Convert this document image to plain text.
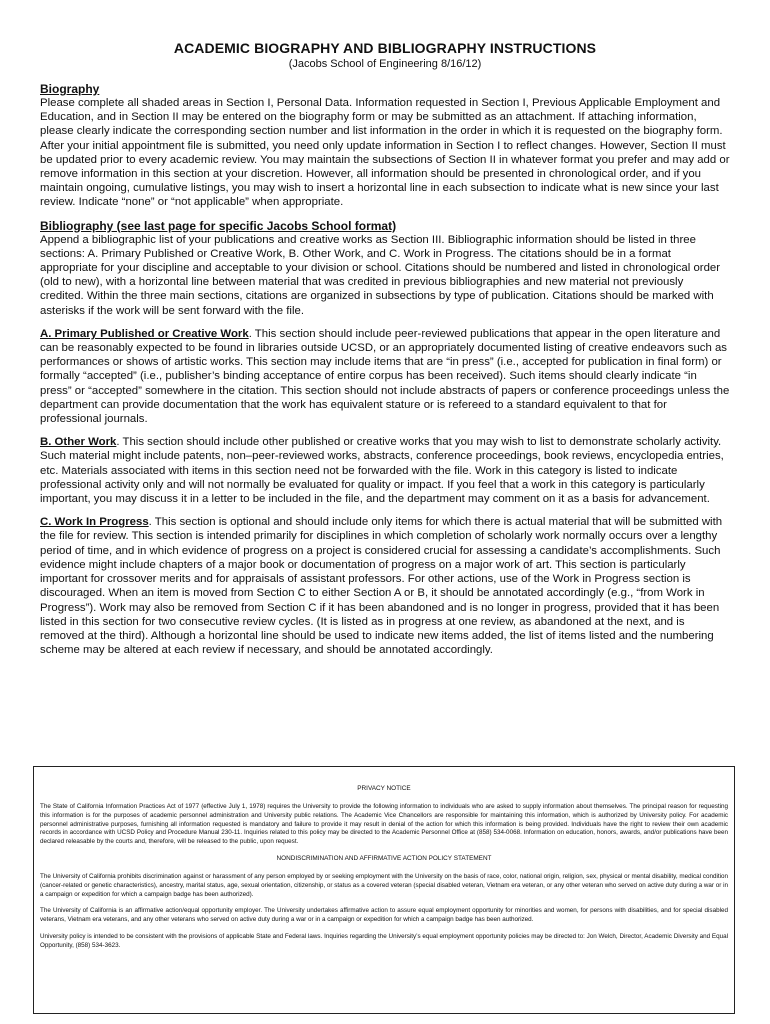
ACADEMIC BIOGRAPHY AND BIBLIOGRAPHY INSTRUCTIONS
(Jacobs School of Engineering 8/16/12)
Biography

Please complete all shaded areas in Section I, Personal Data. Information requested in Section I, Previous Applicable Employment and Education, and in Section II may be entered on the biography form or may be submitted as an attachment. If attaching information, please clearly indicate the corresponding section number and list information in the order in which it is requested on the biography form. After your initial appointment file is submitted, you need only update information in Section I to reflect changes. However, Section II must be updated prior to every academic review. You may maintain the subsections of Section II in whatever format you prefer and may add or remove information in this section at your discretion. However, all information should be presented in chronological order, and if you maintain ongoing, cumulative listings, you may wish to insert a horizontal line in each subsection to indicate what is new since your last review. Indicate “none” or “not applicable” when appropriate.

Bibliography (see last page for specific Jacobs School format)

Append a bibliographic list of your publications and creative works as Section III. Bibliographic information should be listed in three sections: A. Primary Published or Creative Work, B. Other Work, and C. Work in Progress. The citations should be in a format appropriate for your discipline and acceptable to your division or school. Citations should be numbered and listed in chronological order (old to new), with a horizontal line between material that was credited in previous bibliographies and new material not previously credited. Within the three main sections, citations are organized in subsections by type of publication. Citations should be marked with asterisks if the work will be sent forward with the file.

A. Primary Published or Creative Work. This section should include peer-reviewed publications that appear in the open literature and can be reasonably expected to be found in libraries outside UCSD, or an appropriately documented listing of creative endeavors such as performances or shows of artistic works. This section may include items that are “in press” (i.e., accepted for publication in final form) or formally “accepted” (i.e., publisher’s binding acceptance of entire corpus has been received). Such items should clearly indicate “in press” or “accepted” somewhere in the citation. This section should not include abstracts of papers or conference proceedings unless the department can provide documentation that the work has equivalent stature or is refereed to a standard equivalent to that for professional journals.

B. Other Work. This section should include other published or creative works that you may wish to list to demonstrate scholarly activity. Such material might include patents, non–peer-reviewed works, abstracts, conference proceedings, book reviews, encyclopedia entries, etc. Materials associated with items in this section need not be forwarded with the file. Work in this category is listed to indicate professional activity only and will not normally be evaluated for quality or impact. If you feel that a work in this category is particularly important, you may discuss it in a letter to be included in the file, and the department may comment on it as a basis for advancement.

C. Work In Progress. This section is optional and should include only items for which there is actual material that will be submitted with the file for review. This section is intended primarily for disciplines in which completion of scholarly work normally occurs over a lengthy period of time, and in which evidence of progress on a project is considered crucial for assessing a candidate’s accomplishments. Such evidence might include chapters of a major book or documentation of progress on a major work of art. This section is particularly important for crossover merits and for appraisals of assistant professors. For other actions, use of the Work in Progress section is discouraged. When an item is moved from Section C to either Section A or B, it should be annotated accordingly (e.g., “from Work in Progress”). Work may also be removed from Section C if it has been abandoned and is no longer in progress, provided that it has been listed in this section for two consecutive review cycles. (It is listed as in progress at one review, as abandoned at the next, and is removed at the third). Although a horizontal line should be used to indicate new items added, the list of items listed and the numbering scheme may be altered at each review if necessary, and should be annotated accordingly.

PRIVACY NOTICE

The State of California Information Practices Act of 1977 (effective July 1, 1978) requires the University to provide the following information to individuals who are asked to supply information about themselves. The principal reason for requesting this information is for the purposes of academic personnel administration and University public relations. The Academic Vice Chancellors are responsible for maintaining this information, which is authorized by University policy. For academic personnel administrative purposes, furnishing all information requested is mandatory and failure to provide it may result in denial of the action for which this information is being provided. Individuals have the right to review their own academic records in accordance with UCSD Policy and Procedure Manual 230-11. Inquiries related to this policy may be directed to the Academic Personnel Office at (858) 534-0068. Information on education, honors, awards, and/or publications have been declared releasable by the courts and, therefore, will be released to the public, upon request.

NONDISCRIMINATION AND AFFIRMATIVE ACTION POLICY STATEMENT

The University of California prohibits discrimination against or harassment of any person employed by or seeking employment with the University on the basis of race, color, national origin, religion, sex, physical or mental disability, medical condition (cancer-related or genetic characteristics), ancestry, marital status, age, sexual orientation, citizenship, or status as a covered veteran (special disabled veteran, Vietnam era veteran, or any other veteran who served on active duty during a war or in a campaign or expedition for which a campaign badge has been authorized).

The University of California is an affirmative action/equal opportunity employer. The University undertakes affirmative action to assure equal employment opportunity for minorities and women, for persons with disabilities, and for special disabled veterans, Vietnam era veterans, and any other veterans who served on active duty during a war or in a campaign or expedition for which a campaign badge has been authorized.

University policy is intended to be consistent with the provisions of applicable State and Federal laws. Inquiries regarding the University’s equal employment opportunity policies may be directed to: Jon Welch, Director, Academic Diversity and Equal Opportunity, (858) 534-3623.
